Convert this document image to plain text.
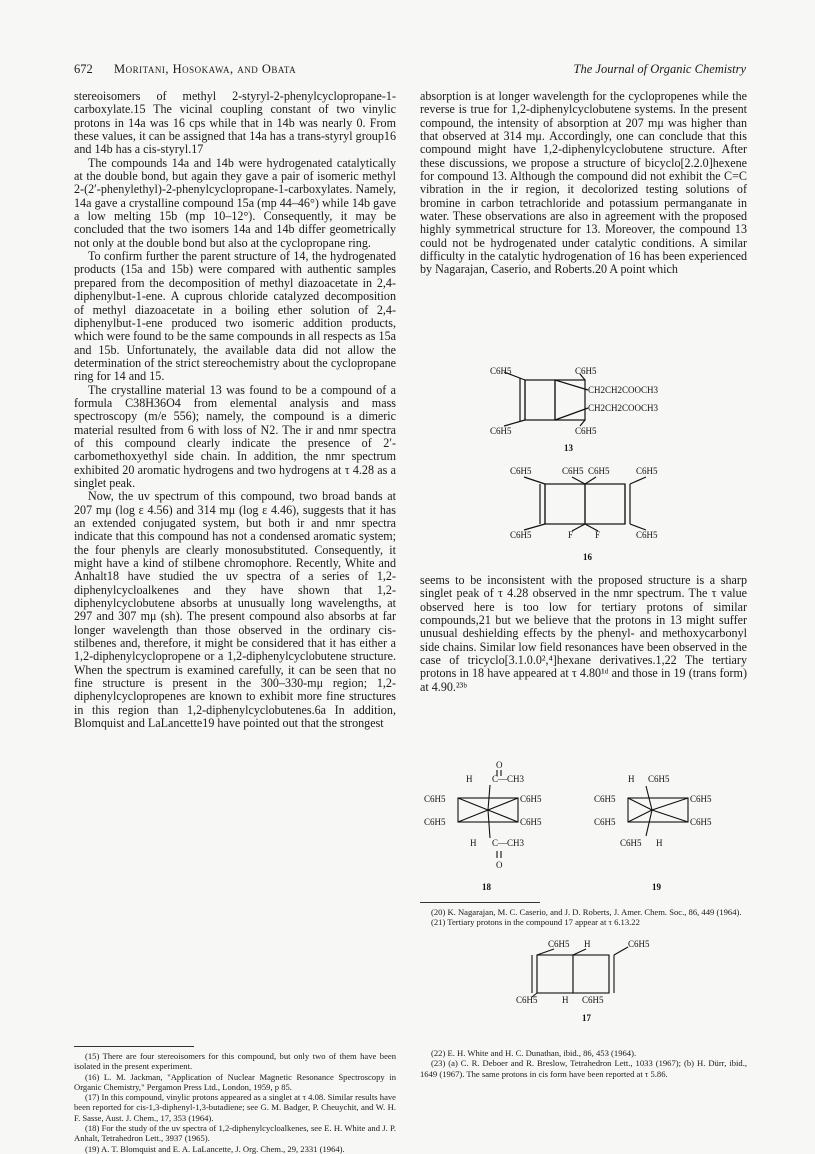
672 Moritani, Hosokawa, and Obata	The Journal of Organic Chemistry

stereoisomers of methyl 2-styryl-2-phenylcyclopropane-1-carboxylate.15 The vicinal coupling constant of two vinylic protons in 14a was 16 cps while that in 14b was nearly 0. From these values, it can be assigned that 14a has a trans-styryl group16 and 14b has a cis-styryl.17

The compounds 14a and 14b were hydrogenated catalytically at the double bond, but again they gave a pair of isomeric methyl 2-(2′-phenylethyl)-2-phenylcyclopropane-1-carboxylates. Namely, 14a gave a crystalline compound 15a (mp 44–46°) while 14b gave a low melting 15b (mp 10–12°). Consequently, it may be concluded that the two isomers 14a and 14b differ geometrically not only at the double bond but also at the cyclopropane ring.

To confirm further the parent structure of 14, the hydrogenated products (15a and 15b) were compared with authentic samples prepared from the decomposition of methyl diazoacetate in 2,4-diphenylbut-1-ene. A cuprous chloride catalyzed decomposition of methyl diazoacetate in a boiling ether solution of 2,4-diphenylbut-1-ene produced two isomeric addition products, which were found to be the same compounds in all respects as 15a and 15b. Unfortunately, the available data did not allow the determination of the strict stereochemistry about the cyclopropane ring for 14 and 15.

The crystalline material 13 was found to be a compound of a formula C38H36O4 from elemental analysis and mass spectroscopy (m/e 556); namely, the compound is a dimeric material resulted from 6 with loss of N2. The ir and nmr spectra of this compound clearly indicate the presence of 2′-carbomethoxyethyl side chain. In addition, the nmr spectrum exhibited 20 aromatic hydrogens and two hydrogens at τ 4.28 as a singlet peak.

Now, the uv spectrum of this compound, two broad bands at 207 mμ (log ε 4.56) and 314 mμ (log ε 4.46), suggests that it has an extended conjugated system, but both ir and nmr spectra indicate that this compound has not a condensed aromatic system; the four phenyls are clearly monosubstituted. Consequently, it might have a kind of stilbene chromophore. Recently, White and Anhalt18 have studied the uv spectra of a series of 1,2-diphenylcycloalkenes and they have shown that 1,2-diphenylcyclobutene absorbs at unusually long wavelengths, at 297 and 307 mμ (sh). The present compound also absorbs at far longer wavelength than those observed in the ordinary cis-stilbenes and, therefore, it might be considered that it has either a 1,2-diphenylcyclopropene or a 1,2-diphenylcyclobutene structure. When the spectrum is examined carefully, it can be seen that no fine structure is present in the 300–330-mμ region; 1,2-diphenylcyclopropenes are known to exhibit more fine structures in this region than 1,2-diphenylcyclobutenes.6a In addition, Blomquist and LaLancette19 have pointed out that the strongest

(15) There are four stereoisomers for this compound, but only two of them have been isolated in the present experiment.

(16) L. M. Jackman, "Application of Nuclear Magnetic Resonance Spectroscopy in Organic Chemistry," Pergamon Press Ltd., London, 1959, p 85.

(17) In this compound, vinylic protons appeared as a singlet at τ 4.08. Similar results have been reported for cis-1,3-diphenyl-1,3-butadiene; see G. M. Badger, P. Cheuychit, and W. H. F. Sasse, Aust. J. Chem., 17, 353 (1964).

(18) For the study of the uv spectra of 1,2-diphenylcycloalkenes, see E. H. White and J. P. Anhalt, Tetrahedron Lett., 3937 (1965).

(19) A. T. Blomquist and E. A. LaLancette, J. Org. Chem., 29, 2331 (1964).

absorption is at longer wavelength for the cyclopropenes while the reverse is true for 1,2-diphenylcyclobutene systems. In the present compound, the intensity of absorption at 207 mμ was higher than that observed at 314 mμ. Accordingly, one can conclude that this compound might have 1,2-diphenylcyclobutene structure. After these discussions, we propose a structure of bicyclo[2.2.0]hexene for compound 13. Although the compound did not exhibit the C=C vibration in the ir region, it decolorized testing solutions of bromine in carbon tetrachloride and potassium permanganate in water. These observations are also in agreement with the proposed highly symmetrical structure for 13. Moreover, the compound 13 could not be hydrogenated under catalytic conditions. A similar difficulty in the catalytic hydrogenation of 16 has been experienced by Nagarajan, Caserio, and Roberts.20 A point which

C6H5	C6H5
C6H5	C6H5
CH2CH2COOCH3
CH2CH2COOCH3
13
C6H5	C6H5 C6H5	C6H5
C6H5	F F	C6H5
16

seems to be inconsistent with the proposed structure is a sharp singlet peak of τ 4.28 observed in the nmr spectrum. The τ value observed here is too low for tertiary protons of similar compounds,21 but we believe that the protons in 13 might suffer unusual deshielding effects by the phenyl- and methoxycarbonyl side chains. Similar low field resonances have been observed in the case of tricyclo[3.1.0.0²,⁴]hexane derivatives.1,22 The tertiary protons in 18 have appeared at τ 4.80¹ᵈ and those in 19 (trans form) at 4.90.²³ᵇ

O
H C—CH3
C6H5	C6H5
C6H5	C6H5
H C—CH3
O
18
H C6H5
C6H5	C6H5
C6H5	C6H5
C6H5 H
19

(20) K. Nagarajan, M. C. Caserio, and J. D. Roberts, J. Amer. Chem. Soc., 86, 449 (1964).

(21) Tertiary protons in the compound 17 appear at τ 6.13.22

C6H5 H	C6H5
C6H5	H C6H5
17

(22) E. H. White and H. C. Dunathan, ibid., 86, 453 (1964).

(23) (a) C. R. Deboer and R. Breslow, Tetrahedron Lett., 1033 (1967); (b) H. Dürr, ibid., 1649 (1967). The same protons in cis form have been reported at τ 5.86.
